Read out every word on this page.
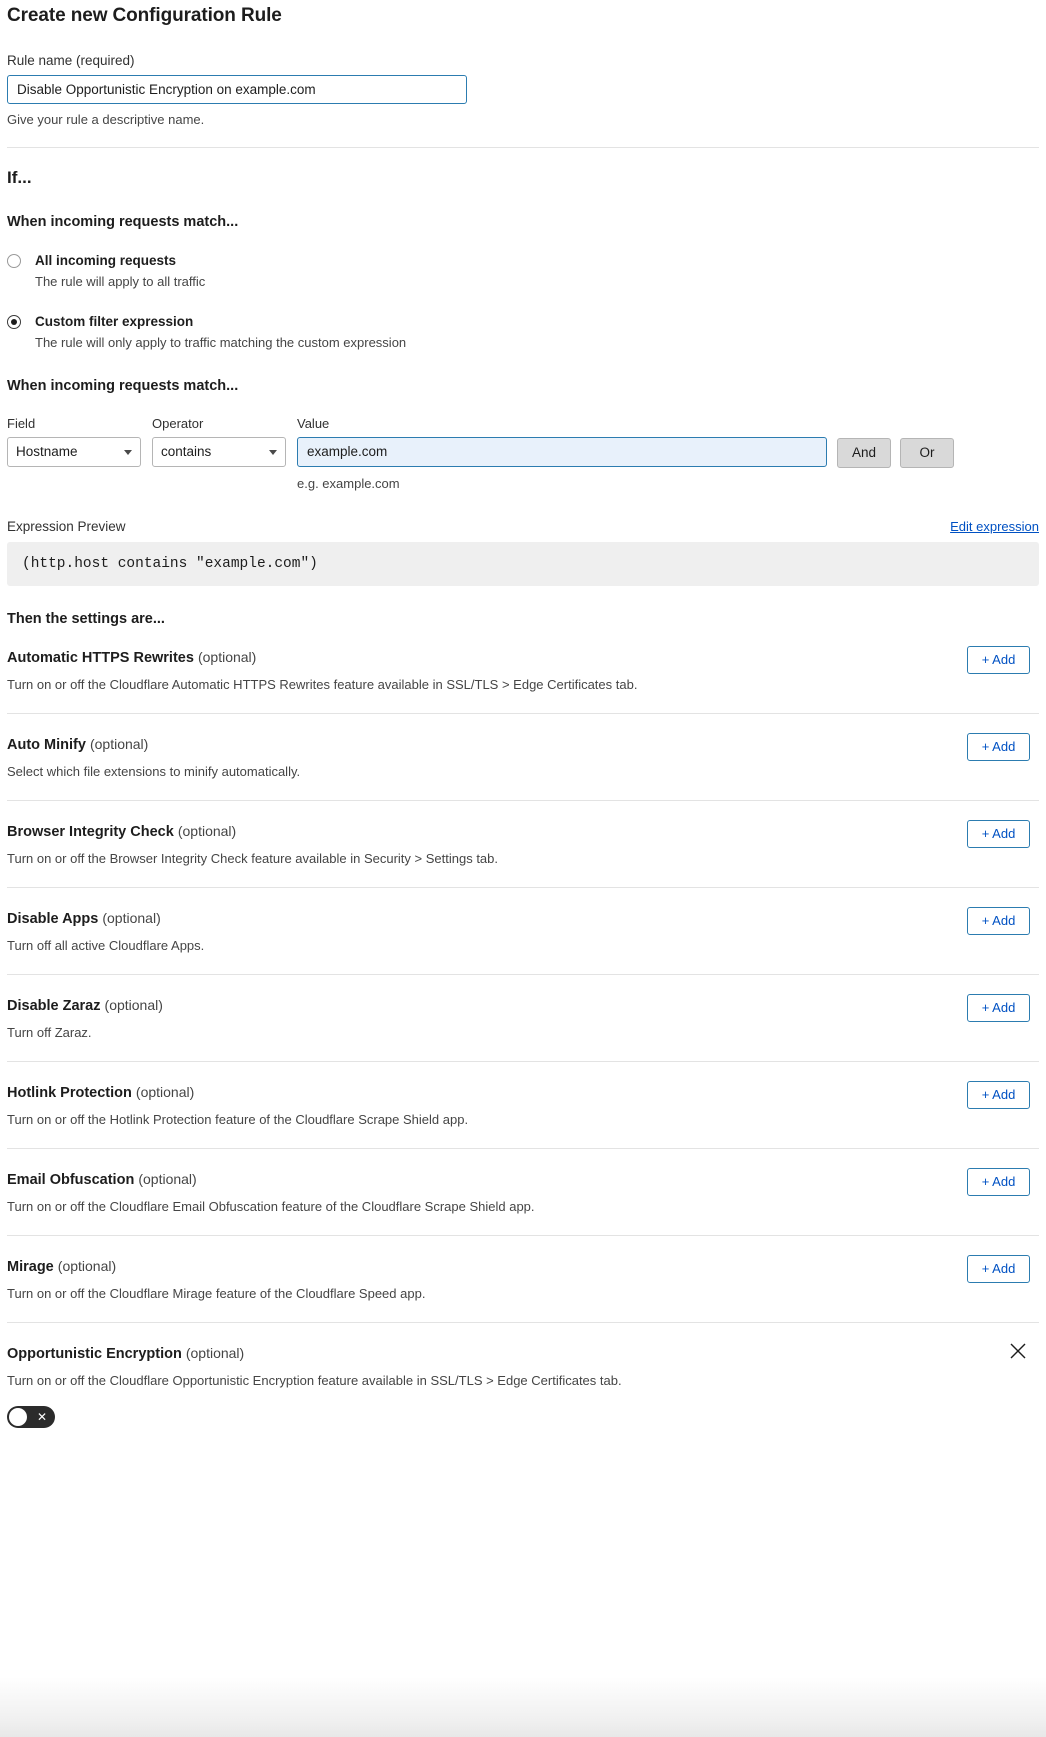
Create new Configuration Rule
Rule name (required)
Disable Opportunistic Encryption on example.com
Give your rule a descriptive name.
If...
When incoming requests match...
All incoming requests
The rule will apply to all traffic
Custom filter expression
The rule will only apply to traffic matching the custom expression
When incoming requests match...
Field
Hostname	Operator
contains	Value
example.com
e.g. example.com
And	Or
Expression Preview	Edit expression
(http.host contains "example.com")
Then the settings are...
Automatic HTTPS Rewrites (optional)
Turn on or off the Cloudflare Automatic HTTPS Rewrites feature available in SSL/TLS > Edge Certificates tab.
+ Add
Auto Minify (optional)
Select which file extensions to minify automatically.
+ Add
Browser Integrity Check (optional)
Turn on or off the Browser Integrity Check feature available in Security > Settings tab.
+ Add
Disable Apps (optional)
Turn off all active Cloudflare Apps.
+ Add
Disable Zaraz (optional)
Turn off Zaraz.
+ Add
Hotlink Protection (optional)
Turn on or off the Hotlink Protection feature of the Cloudflare Scrape Shield app.
+ Add
Email Obfuscation (optional)
Turn on or off the Cloudflare Email Obfuscation feature of the Cloudflare Scrape Shield app.
+ Add
Mirage (optional)
Turn on or off the Cloudflare Mirage feature of the Cloudflare Speed app.
+ Add
Opportunistic Encryption (optional)
Turn on or off the Cloudflare Opportunistic Encryption feature available in SSL/TLS > Edge Certificates tab.
✕
